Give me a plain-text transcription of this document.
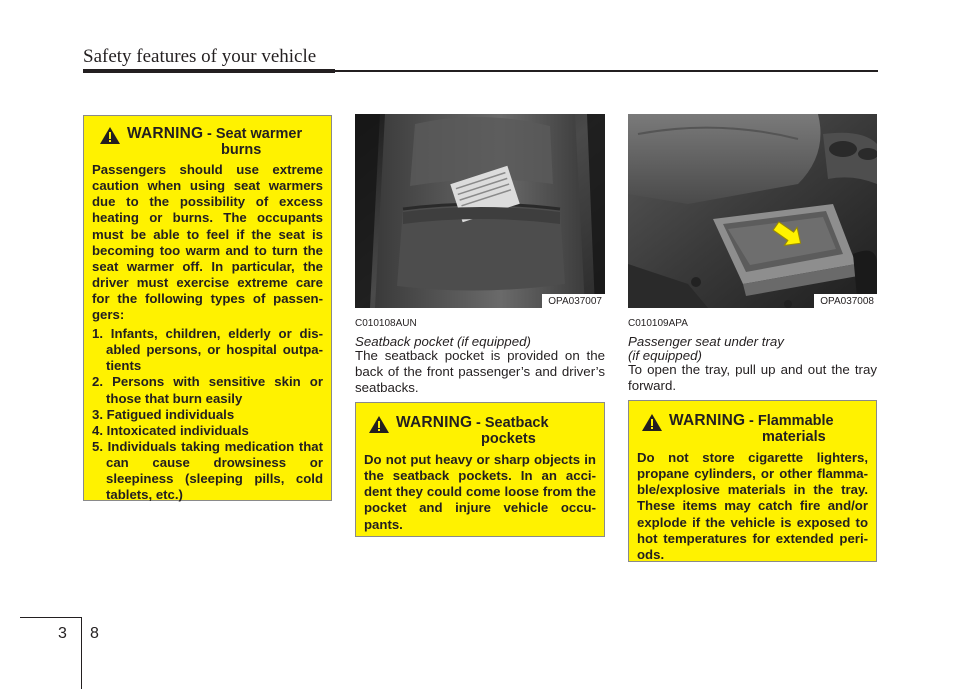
Safety features of your vehicle
WARNING - Seat warmer
burns

Passengers should use extreme caution when using seat warmers due to the possibility of excess heating or burns. The occupants must be able to feel if the seat is becoming too warm and to turn the seat warmer off. In particular, the driver must exercise extreme care for the following types of passen-gers:

1. Infants, children, elderly or dis-abled persons, or hospital outpa-tients
2. Persons with sensitive skin or those that burn easily
3. Fatigued individuals
4. Intoxicated individuals
5. Individuals taking medication that can cause drowsiness or sleepiness (sleeping pills, cold tablets, etc.)
OPA037007
C010108AUN
Seatback pocket (if equipped)
The seatback pocket is provided on the back of the front passenger’s and driver’s seatbacks.
WARNING - Seatback
pockets

Do not put heavy or sharp objects in the seatback pockets. In an acci-dent they could come loose from the pocket and injure vehicle occu-pants.

OPA037008
C010109APA
Passenger seat under tray
(if equipped)
To open the tray, pull up and out the tray forward.
WARNING - Flammable
materials

Do not store cigarette lighters, propane cylinders, or other flamma-ble/explosive materials in the tray. These items may catch fire and/or explode if the vehicle is exposed to hot temperatures for extended peri-ods.

3 8
